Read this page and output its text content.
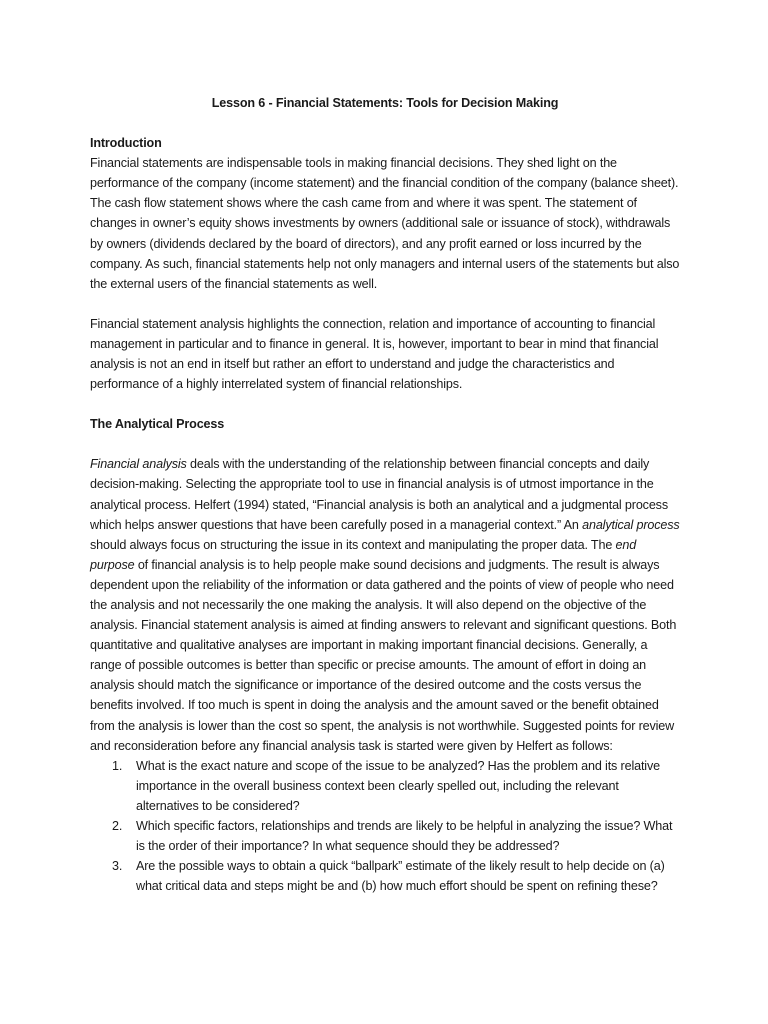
Lesson 6 - Financial Statements: Tools for Decision Making

Introduction

Financial statements are indispensable tools in making financial decisions. They shed light on the performance of the company (income statement) and the financial condition of the company (balance sheet). The cash flow statement shows where the cash came from and where it was spent. The statement of changes in owner’s equity shows investments by owners (additional sale or issuance of stock), withdrawals by owners (dividends declared by the board of directors), and any profit earned or loss incurred by the company. As such, financial statements help not only managers and internal users of the statements but also the external users of the financial statements as well.

Financial statement analysis highlights the connection, relation and importance of accounting to financial management in particular and to finance in general. It is, however, important to bear in mind that financial analysis is not an end in itself but rather an effort to understand and judge the characteristics and performance of a highly interrelated system of financial relationships.

The Analytical Process

Financial analysis deals with the understanding of the relationship between financial concepts and daily decision-making. Selecting the appropriate tool to use in financial analysis is of utmost importance in the analytical process. Helfert (1994) stated, “Financial analysis is both an analytical and a judgmental process which helps answer questions that have been carefully posed in a managerial context.” An analytical process should always focus on structuring the issue in its context and manipulating the proper data. The end purpose of financial analysis is to help people make sound decisions and judgments. The result is always dependent upon the reliability of the information or data gathered and the points of view of people who need the analysis and not necessarily the one making the analysis. It will also depend on the objective of the analysis. Financial statement analysis is aimed at finding answers to relevant and significant questions. Both quantitative and qualitative analyses are important in making important financial decisions. Generally, a range of possible outcomes is better than specific or precise amounts. The amount of effort in doing an analysis should match the significance or importance of the desired outcome and the costs versus the benefits involved. If too much is spent in doing the analysis and the amount saved or the benefit obtained from the analysis is lower than the cost so spent, the analysis is not worthwhile. Suggested points for review and reconsideration before any financial analysis task is started were given by Helfert as follows:

1. What is the exact nature and scope of the issue to be analyzed? Has the problem and its relative importance in the overall business context been clearly spelled out, including the relevant alternatives to be considered?
2. Which specific factors, relationships and trends are likely to be helpful in analyzing the issue? What is the order of their importance? In what sequence should they be addressed?
3. Are the possible ways to obtain a quick “ballpark” estimate of the likely result to help decide on (a) what critical data and steps might be and (b) how much effort should be spent on refining these?
